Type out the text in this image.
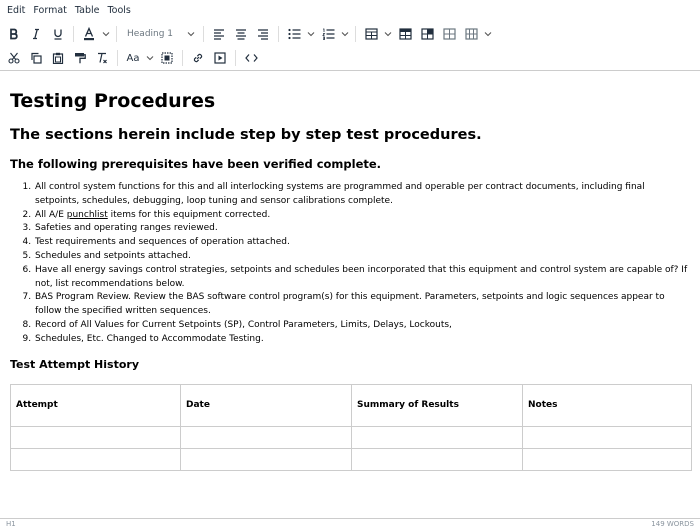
Edit Format Table Tools
Heading 1
Aa
Testing Procedures
The sections herein include step by step test procedures.
The following prerequisites have been verified complete.
1. All control system functions for this and all interlocking systems are programmed and operable per contract documents, including final setpoints, schedules, debugging, loop tuning and sensor calibrations complete.
2. All A/E punchlist items for this equipment corrected.
3. Safeties and operating ranges reviewed.
4. Test requirements and sequences of operation attached.
5. Schedules and setpoints attached.
6. Have all energy savings control strategies, setpoints and schedules been incorporated that this equipment and control system are capable of? If not, list recommendations below.
7. BAS Program Review. Review the BAS software control program(s) for this equipment. Parameters, setpoints and logic sequences appear to follow the specified written sequences.
8. Record of All Values for Current Setpoints (SP), Control Parameters, Limits, Delays, Lockouts,
9. Schedules, Etc. Changed to Accommodate Testing.
Test Attempt History
Attempt	Date	Summary of Results	Notes

H1	149 WORDS
